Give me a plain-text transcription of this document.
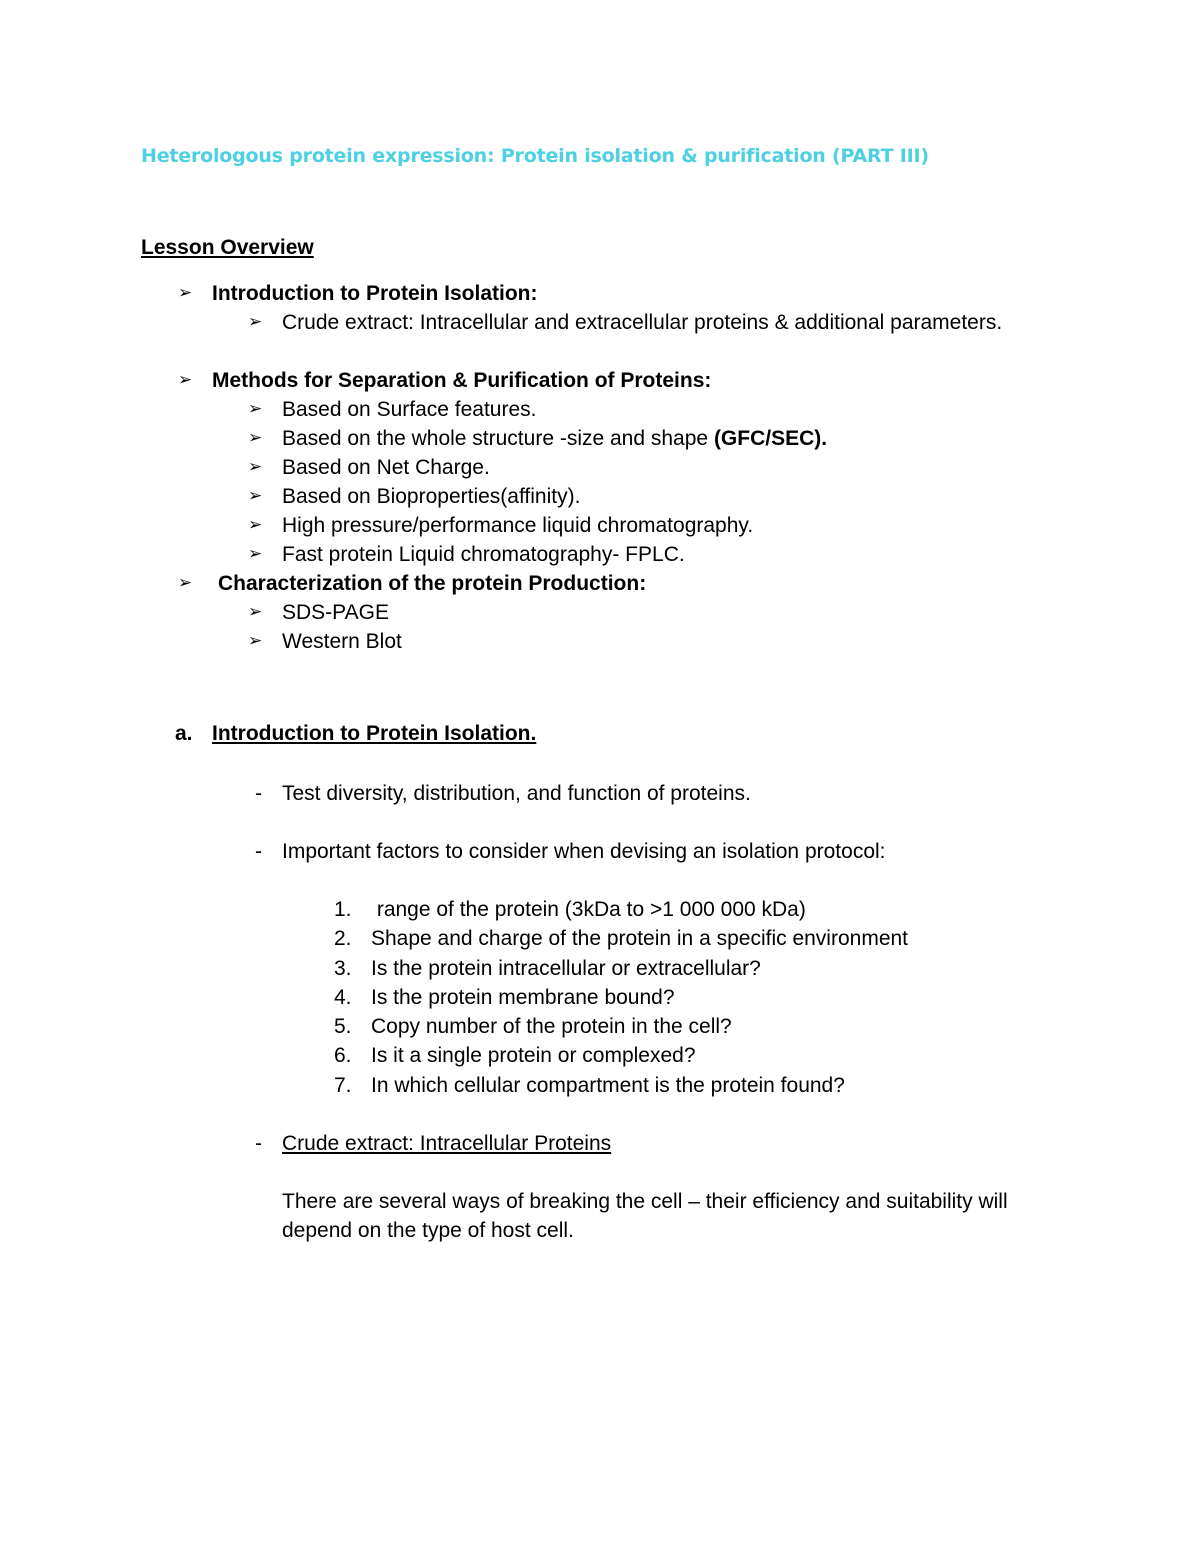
Heterologous protein expression: Protein isolation & purification (PART III)
Lesson Overview
➢ Introduction to Protein Isolation:
➢ Crude extract: Intracellular and extracellular proteins & additional parameters.
➢ Methods for Separation & Purification of Proteins:
➢ Based on Surface features.
➢ Based on the whole structure -size and shape (GFC/SEC).
➢ Based on Net Charge.
➢ Based on Bioproperties(affinity).
➢ High pressure/performance liquid chromatography.
➢ Fast protein Liquid chromatography- FPLC.
➢ Characterization of the protein Production:
➢ SDS-PAGE
➢ Western Blot
a. Introduction to Protein Isolation.
- Test diversity, distribution, and function of proteins.
- Important factors to consider when devising an isolation protocol:
1. range of the protein (3kDa to >1 000 000 kDa)
2. Shape and charge of the protein in a specific environment
3. Is the protein intracellular or extracellular?
4. Is the protein membrane bound?
5. Copy number of the protein in the cell?
6. Is it a single protein or complexed?
7. In which cellular compartment is the protein found?
- Crude extract: Intracellular Proteins
There are several ways of breaking the cell – their efficiency and suitability will depend on the type of host cell.
